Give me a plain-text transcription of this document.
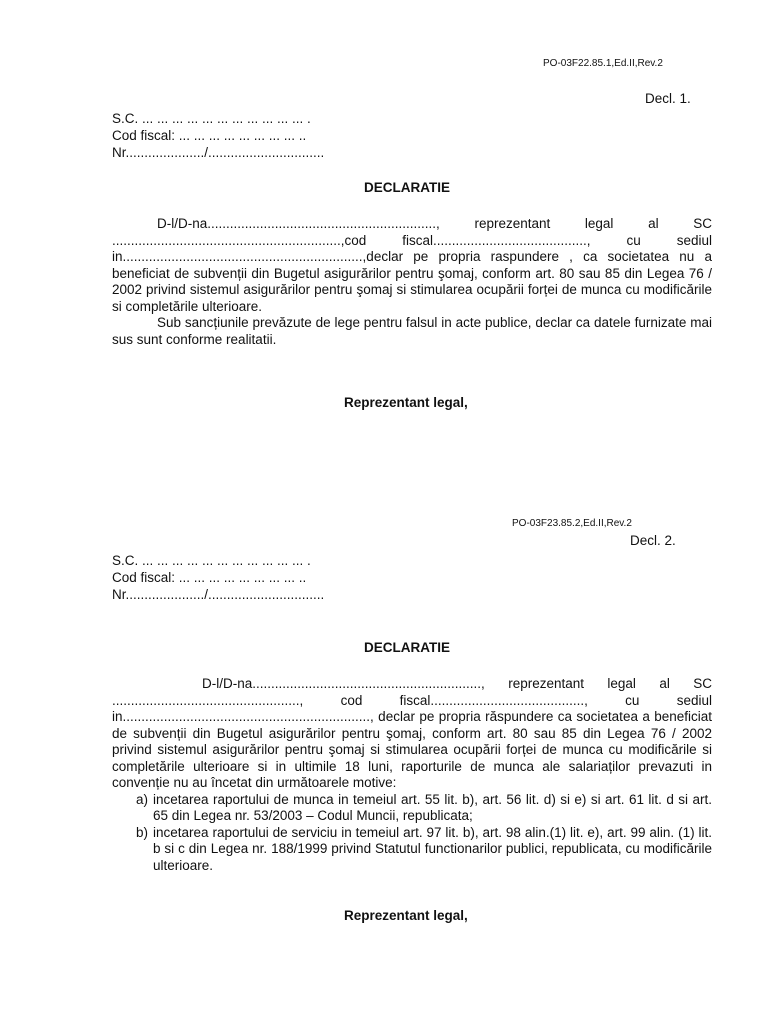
PO-03F22.85.1,Ed.II,Rev.2
Decl. 1.
S.C. ... ... ... ... ... ... ... ... ... ... ... .
Cod fiscal: ... ... ... ... ... ... ... ... ..
Nr...................../...............................
DECLARATIE

D-l/D-na............................................................., reprezentant legal al SC .............................................................,cod fiscal........................................., cu sediul in................................................................,declar pe propria raspundere , ca societatea nu a beneficiat de subvenții din Bugetul asigurărilor pentru şomaj, conform art. 80 sau 85 din Legea 76 / 2002 privind sistemul asigurărilor pentru şomaj si stimularea ocupării forței de munca cu modificările si completările ulterioare.

Sub sancțiunile prevăzute de lege pentru falsul in acte publice, declar ca datele furnizate mai sus sunt conforme realitatii.

Reprezentant legal,
PO-03F23.85.2,Ed.II,Rev.2
Decl. 2.
S.C. ... ... ... ... ... ... ... ... ... ... ... .
Cod fiscal: ... ... ... ... ... ... ... ... ..
Nr...................../...............................
DECLARATIE

D-l/D-na............................................................., reprezentant legal al SC .................................................., cod fiscal........................................., cu sediul in.................................................................., declar pe propria răspundere ca societatea a beneficiat de subvenții din Bugetul asigurărilor pentru şomaj, conform art. 80 sau 85 din Legea 76 / 2002 privind sistemul asigurărilor pentru şomaj si stimularea ocupării forței de munca cu modificările si completările ulterioare si in ultimile 18 luni, raporturile de munca ale salariaților prevazuti in convenție nu au încetat din următoarele motive:

a) incetarea raportului de munca in temeiul art. 55 lit. b), art. 56 lit. d) si e) si art. 61 lit. d si art. 65 din Legea nr. 53/2003 – Codul Muncii, republicata;
b) incetarea raportului de serviciu in temeiul art. 97 lit. b), art. 98 alin.(1) lit. e), art. 99 alin. (1) lit. b si c din Legea nr. 188/1999 privind Statutul functionarilor publici, republicata, cu modificările ulterioare.
Reprezentant legal,
